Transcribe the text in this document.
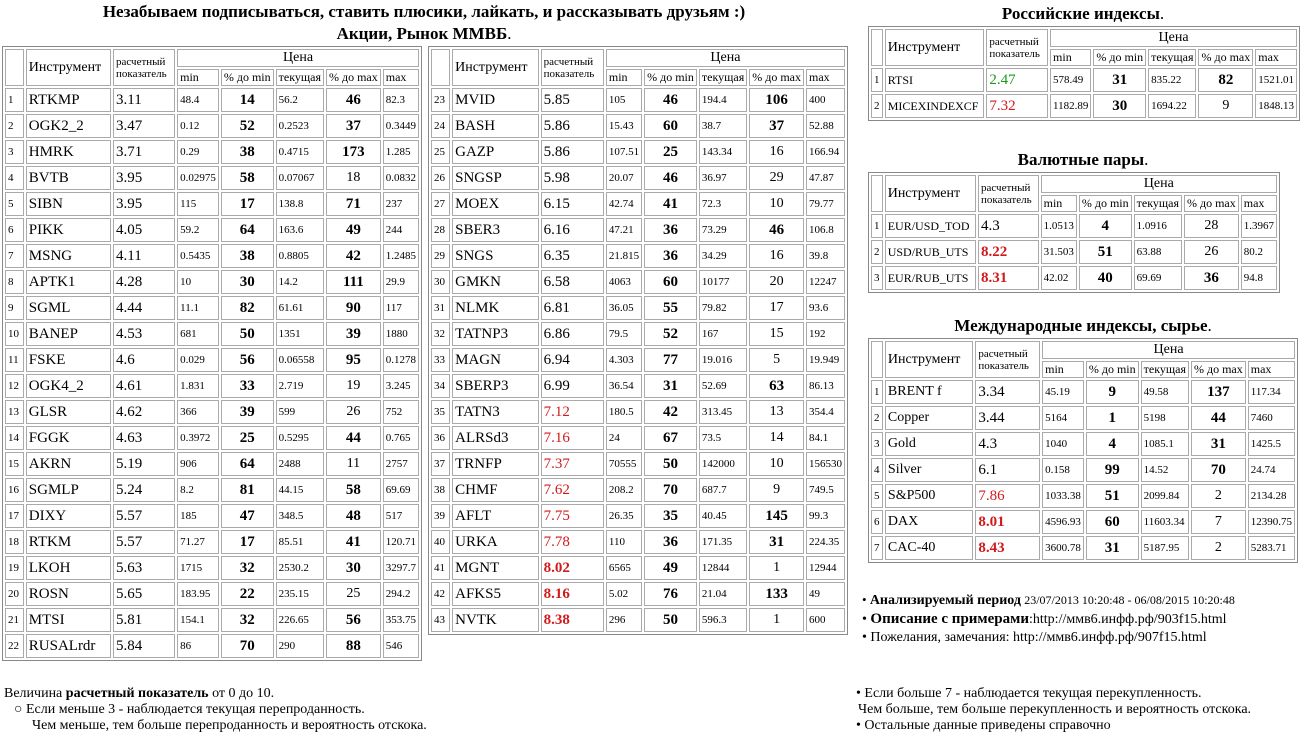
Незабываем подписываться, ставить плюсики, лайкать, и рассказывать друзьям :)
Акции, Рынок ММВБ.
	Инструмент	расчетный показатель	Цена				
			min	% до min	текущая	% до max	max
1	RTKMP	3.11	48.4	14	56.2	46	82.3
2	OGK2_2	3.47	0.12	52	0.2523	37	0.3449
3	HMRK	3.71	0.29	38	0.4715	173	1.285
4	BVTB	3.95	0.02975	58	0.07067	18	0.0832
5	SIBN	3.95	115	17	138.8	71	237
6	PIKK	4.05	59.2	64	163.6	49	244
7	MSNG	4.11	0.5435	38	0.8805	42	1.2485
8	APTK1	4.28	10	30	14.2	111	29.9
9	SGML	4.44	11.1	82	61.61	90	117
10	BANEP	4.53	681	50	1351	39	1880
11	FSKE	4.6	0.029	56	0.06558	95	0.1278
12	OGK4_2	4.61	1.831	33	2.719	19	3.245
13	GLSR	4.62	366	39	599	26	752
14	FGGK	4.63	0.3972	25	0.5295	44	0.765
15	AKRN	5.19	906	64	2488	11	2757
16	SGMLP	5.24	8.2	81	44.15	58	69.69
17	DIXY	5.57	185	47	348.5	48	517
18	RTKM	5.57	71.27	17	85.51	41	120.71
19	LKOH	5.63	1715	32	2530.2	30	3297.7
20	ROSN	5.65	183.95	22	235.15	25	294.2
21	MTSI	5.81	154.1	32	226.65	56	353.75
22	RUSALrdr	5.84	86	70	290	88	546
	Инструмент	расчетный показатель	Цена				
			min	% до min	текущая	% до max	max
23	MVID	5.85	105	46	194.4	106	400
24	BASH	5.86	15.43	60	38.7	37	52.88
25	GAZP	5.86	107.51	25	143.34	16	166.94
26	SNGSP	5.98	20.07	46	36.97	29	47.87
27	MOEX	6.15	42.74	41	72.3	10	79.77
28	SBER3	6.16	47.21	36	73.29	46	106.8
29	SNGS	6.35	21.815	36	34.29	16	39.8
30	GMKN	6.58	4063	60	10177	20	12247
31	NLMK	6.81	36.05	55	79.82	17	93.6
32	TATNP3	6.86	79.5	52	167	15	192
33	MAGN	6.94	4.303	77	19.016	5	19.949
34	SBERP3	6.99	36.54	31	52.69	63	86.13
35	TATN3	7.12	180.5	42	313.45	13	354.4
36	ALRSd3	7.16	24	67	73.5	14	84.1
37	TRNFP	7.37	70555	50	142000	10	156530
38	CHMF	7.62	208.2	70	687.7	9	749.5
39	AFLT	7.75	26.35	35	40.45	145	99.3
40	URKA	7.78	110	36	171.35	31	224.35
41	MGNT	8.02	6565	49	12844	1	12944
42	AFKS5	8.16	5.02	76	21.04	133	49
43	NVTK	8.38	296	50	596.3	1	600
Российские индексы.
	Инструмент	расчетный показатель	Цена				
			min	% до min	текущая	% до max	max
1	RTSI	2.47	578.49	31	835.22	82	1521.01
2	MICEXINDEXCF	7.32	1182.89	30	1694.22	9	1848.13
Валютные пары.
	Инструмент	расчетный показатель	Цена				
			min	% до min	текущая	% до max	max
1	EUR/USD_TOD	4.3	1.0513	4	1.0916	28	1.3967
2	USD/RUB_UTS	8.22	31.503	51	63.88	26	80.2
3	EUR/RUB_UTS	8.31	42.02	40	69.69	36	94.8
Международные индексы, сырье.
	Инструмент	расчетный показатель	Цена				
			min	% до min	текущая	% до max	max
1	BRENT f	3.34	45.19	9	49.58	137	117.34
2	Copper	3.44	5164	1	5198	44	7460
3	Gold	4.3	1040	4	1085.1	31	1425.5
4	Silver	6.1	0.158	99	14.52	70	24.74
5	S&P500	7.86	1033.38	51	2099.84	2	2134.28
6	DAX	8.01	4596.93	60	11603.34	7	12390.75
7	CAC-40	8.43	3600.78	31	5187.95	2	5283.71
• Анализируемый период 23/07/2013 10:20:48 - 06/08/2015 10:20:48
• Описание с примерами:http://ммв6.инфф.рф/903f15.html
• Пожелания, замечания: http://ммв6.инфф.рф/907f15.html
Величина расчетный показатель от 0 до 10.
○ Если меньше 3 - наблюдается текущая перепроданность.
Чем меньше, тем больше перепроданность и вероятность отскока.
• Если больше 7 - наблюдается текущая перекупленность.
Чем больше, тем больше перекупленность и вероятность отскока.
• Остальные данные приведены справочно
